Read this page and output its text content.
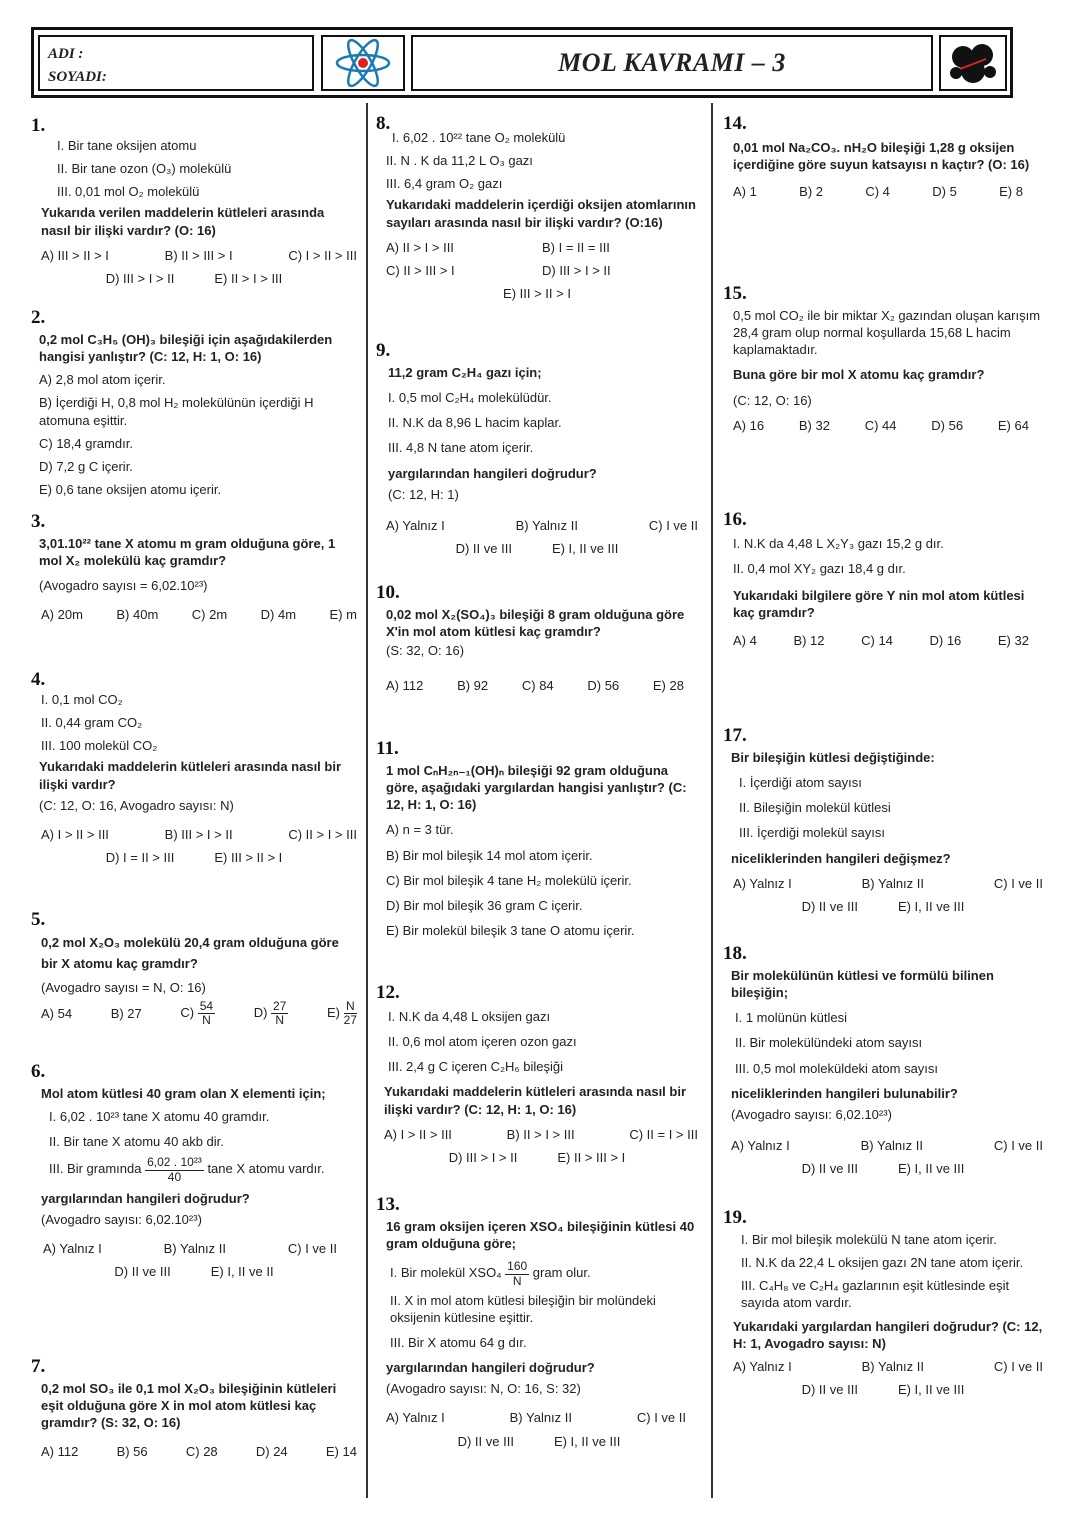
ADI :
SOYADI:	MOL KAVRAMI – 3
1.
I. Bir tane oksijen atomu
II. Bir tane ozon (O₃) molekülü
III. 0,01 mol O₂ molekülü
Yukarıda verilen maddelerin kütleleri arasında nasıl bir ilişki vardır? (O: 16)
A) III > II > I	B) II > III > I	C) I > II > III
D) III > I > II	E) II > I > III
2.
0,2 mol C₃H₅ (OH)₃ bileşiği için aşağıdakilerden hangisi yanlıştır? (C: 12, H: 1, O: 16)
A) 2,8 mol atom içerir.
B) İçerdiği H, 0,8 mol H₂ molekülünün içerdiği H atomuna eşittir.
C) 18,4 gramdır.
D) 7,2 g C içerir.
E) 0,6 tane oksijen atomu içerir.
3.
3,01.10²² tane X atomu m gram olduğuna göre, 1 mol X₂ molekülü kaç gramdır?
(Avogadro sayısı = 6,02.10²³)
A) 20m	B) 40m	C) 2m	D) 4m	E) m
4.
I. 0,1 mol CO₂
II. 0,44 gram CO₂
III. 100 molekül CO₂
Yukarıdaki maddelerin kütleleri arasında nasıl bir ilişki vardır?
(C: 12, O: 16, Avogadro sayısı: N)
A) I > II > III	B) III > I > II	C) II > I > III
D) I = II > III	E) III > II > I
5.
0,2 mol X₂O₃ molekülü 20,4 gram olduğuna göre bir X atomu kaç gramdır?
(Avogadro sayısı = N, O: 16)
A) 54	B) 27	$C) \frac{54}{N}$	$D) \frac{27}{N}$	$E) \frac{N}{27}$
6.
Mol atom kütlesi 40 gram olan X elementi için;
I. 6,02 . 10²³ tane X atomu 40 gramdır.
II. Bir tane X atomu 40 akb dir.
III. Bir gramında $\frac{\text{6,02 . 10²³}}{40}$ tane X atomu vardır.
yargılarından hangileri doğrudur?
(Avogadro sayısı: 6,02.10²³)
A) Yalnız I	B) Yalnız II	C) I ve II
D) II ve III	E) I, II ve II
7.
0,2 mol SO₃ ile 0,1 mol X₂O₃ bileşiğinin kütleleri eşit olduğuna göre X in mol atom kütlesi kaç gramdır? (S: 32, O: 16)
A) 112	B) 56	C) 28	D) 24	E) 14
8.
I. 6,02 . 10²² tane O₂ molekülü
II. N . K da 11,2 L O₃ gazı
III. 6,4 gram O₂ gazı
Yukarıdaki maddelerin içerdiği oksijen atomlarının sayıları arasında nasıl bir ilişki vardır? (O:16)
A) II > I > III	B) I = II = III
C) II > III > I	D) III > I > II
E) III > II > I
9.
11,2 gram C₂H₄ gazı için;
I. 0,5 mol C₂H₄ molekülüdür.
II. N.K da 8,96 L hacim kaplar.
III. 4,8 N tane atom içerir.
yargılarından hangileri doğrudur?
(C: 12, H: 1)
A) Yalnız I	B) Yalnız II	C) I ve II
D) II ve III	E) I, II ve III
10.
0,02 mol X₂(SO₄)₃ bileşiği 8 gram olduğuna göre X'in mol atom kütlesi kaç gramdır?
(S: 32, O: 16)
A) 112	B) 92	C) 84	D) 56	E) 28
11.
1 mol CₙH₂ₙ₋₁(OH)ₙ bileşiği 92 gram olduğuna göre, aşağıdaki yargılardan hangisi yanlıştır? (C: 12, H: 1, O: 16)
A) n = 3 tür.
B) Bir mol bileşik 14 mol atom içerir.
C) Bir mol bileşik 4 tane H₂ molekülü içerir.
D) Bir mol bileşik 36 gram C içerir.
E) Bir molekül bileşik 3 tane O atomu içerir.
12.
I. N.K da 4,48 L oksijen gazı
II. 0,6 mol atom içeren ozon gazı
III. 2,4 g C içeren C₂H₆ bileşiği
Yukarıdaki maddelerin kütleleri arasında nasıl bir ilişki vardır? (C: 12, H: 1, O: 16)
A) I > II > III	B) II > I > III	C) II = I > III
D) III > I > II	E) II > III > I
13.
16 gram oksijen içeren XSO₄ bileşiğinin kütlesi 40 gram olduğuna göre;
I. Bir molekül $XSO_4 \frac{160}{N}$ gram olur.
II. X in mol atom kütlesi bileşiğin bir molündeki oksijenin kütlesine eşittir.
III. Bir X atomu 64 g dır.
yargılarından hangileri doğrudur?
(Avogadro sayısı: N, O: 16, S: 32)
A) Yalnız I	B) Yalnız II	C) I ve II
D) II ve III	E) I, II ve III
14.
0,01 mol Na₂CO₃. nH₂O bileşiği 1,28 g oksijen içerdiğine göre suyun katsayısı n kaçtır? (O: 16)
A) 1	B) 2	C) 4	D) 5	E) 8
15.
0,5 mol CO₂ ile bir miktar X₂ gazından oluşan karışım 28,4 gram olup normal koşullarda 15,68 L hacim kaplamaktadır.
Buna göre bir mol X atomu kaç gramdır?
(C: 12, O: 16)
A) 16	B) 32	C) 44	D) 56	E) 64
16.
I. N.K da 4,48 L X₂Y₃ gazı 15,2 g dır.
II. 0,4 mol XY₂ gazı 18,4 g dır.
Yukarıdaki bilgilere göre Y nin mol atom kütlesi kaç gramdır?
A) 4	B) 12	C) 14	D) 16	E) 32
17.
Bir bileşiğin kütlesi değiştiğinde:
I. İçerdiği atom sayısı
II. Bileşiğin molekül kütlesi
III. İçerdiği molekül sayısı
niceliklerinden hangileri değişmez?
A) Yalnız I	B) Yalnız II	C) I ve II
D) II ve III	E) I, II ve III
18.
Bir molekülünün kütlesi ve formülü bilinen bileşiğin;
I. 1 molünün kütlesi
II. Bir molekülündeki atom sayısı
III. 0,5 mol moleküldeki atom sayısı
niceliklerinden hangileri bulunabilir?
(Avogadro sayısı: 6,02.10²³)
A) Yalnız I	B) Yalnız II	C) I ve II
D) II ve III	E) I, II ve III
19.
I. Bir mol bileşik molekülü N tane atom içerir.
II. N.K da 22,4 L oksijen gazı 2N tane atom içerir.
III. C₄H₈ ve C₂H₄ gazlarının eşit kütlesinde eşit sayıda atom vardır.
Yukarıdaki yargılardan hangileri doğrudur? (C: 12, H: 1, Avogadro sayısı: N)
A) Yalnız I	B) Yalnız II	C) I ve II
D) II ve III	E) I, II ve III
